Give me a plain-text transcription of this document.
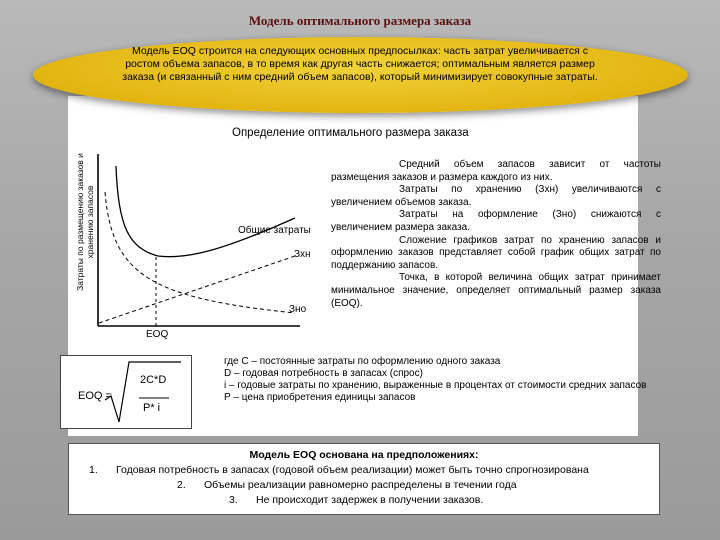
Модель оптимального размера заказа
Модель EOQ строится на следующих основных предпосылках: часть затрат увеличивается с ростом объема запасов, в то время как другая часть снижается; оптимальным является размер заказа (и связанный с ним средний объем запасов), который минимизирует совокупные затраты.
Определение оптимального размера заказа
Затраты по размещению заказов и хранению запасов	Общие затраты
Зхн
Зно
EOQ

Средний объем запасов зависит от частоты размещения заказов и размера каждого из них.

Затраты по хранению (Зхн) увеличиваются с увеличением объемов заказа.

Затраты на оформление (Зно) снижаются с увеличением размера заказа.

Сложение графиков затрат по хранению запасов и оформлению заказов представляет собой график общих затрат по поддержанию запасов.

Точка, в которой величина общих затрат принимает минимальное значение, определяет оптимальный размер заказа (EOQ).

EOQ =
2C*D
P* i

где С – постоянные затраты по оформлению одного заказа

D – годовая потребность в запасах (спрос)

i – годовые затраты по хранению, выраженные в процентах от стоимости средних запасов

Р – цена приобретения единицы запасов

Модель EOQ основана на предположениях:
1. Годовая потребность в запасах (годовой объем реализации) может быть точно спрогнозирована
2. Объемы реализации равномерно распределены в течении года
3. Не происходит задержек в получении заказов.
